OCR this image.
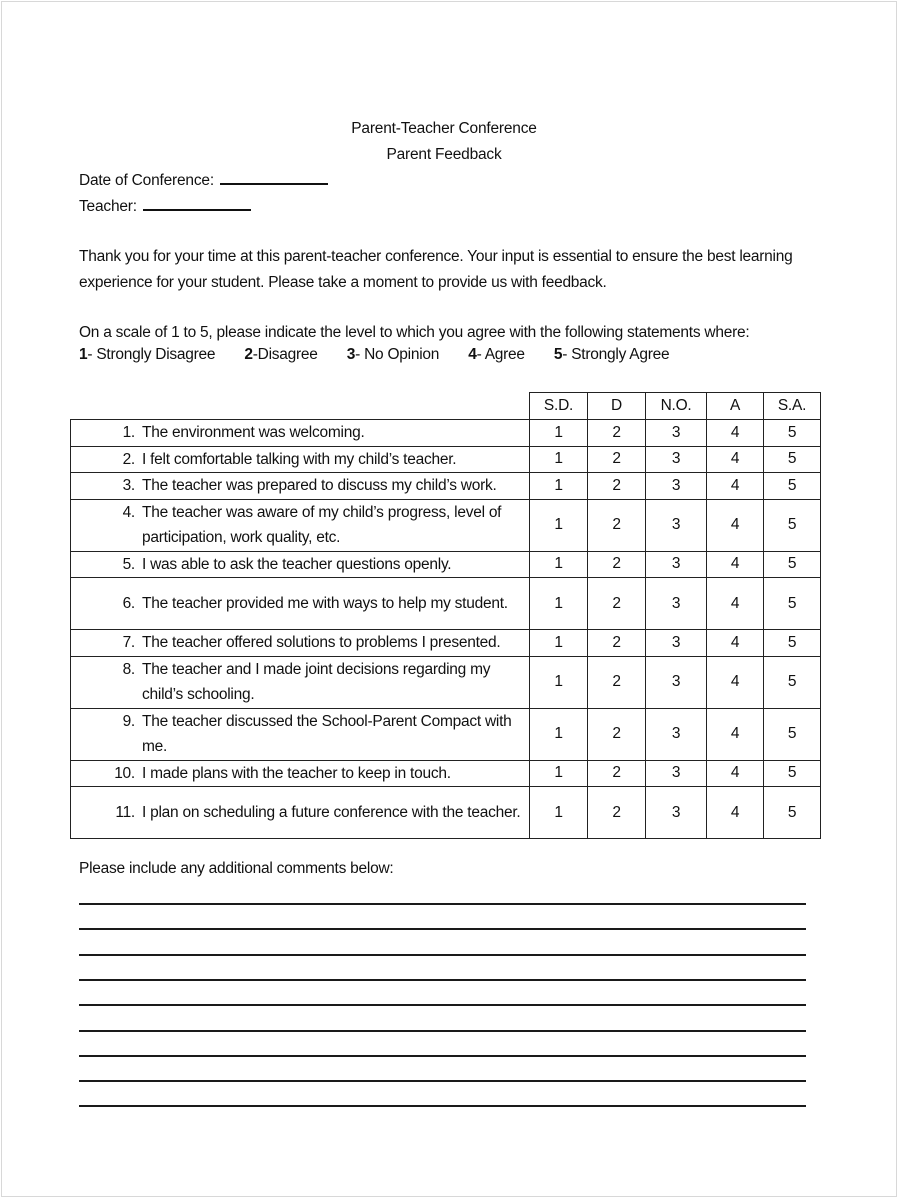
Parent-Teacher Conference
Parent Feedback
Date of Conference:
Teacher:
Thank you for your time at this parent-teacher conference. Your input is essential to ensure the best learning experience for your student. Please take a moment to provide us with feedback.
On a scale of 1 to 5, please indicate the level to which you agree with the following statements where:
1- Strongly Disagree 2-Disagree 3- No Opinion 4- Agree 5- Strongly Agree
	S.D.	D	N.O.	A	S.A.

1. The environment was welcoming.	1	2	3	4	5

2. I felt comfortable talking with my child’s teacher.	1	2	3	4	5

3. The teacher was prepared to discuss my child’s work.	1	2	3	4	5

4. The teacher was aware of my child’s progress, level of participation, work quality, etc.	1	2	3	4	5

5. I was able to ask the teacher questions openly.	1	2	3	4	5

6. The teacher provided me with ways to help my student.	1	2	3	4	5

7. The teacher offered solutions to problems I presented.	1	2	3	4	5

8. The teacher and I made joint decisions regarding my child’s schooling.	1	2	3	4	5

9. The teacher discussed the School-Parent Compact with me.	1	2	3	4	5

10. I made plans with the teacher to keep in touch.	1	2	3	4	5

11. I plan on scheduling a future conference with the teacher.	1	2	3	4	5
Please include any additional comments below:
